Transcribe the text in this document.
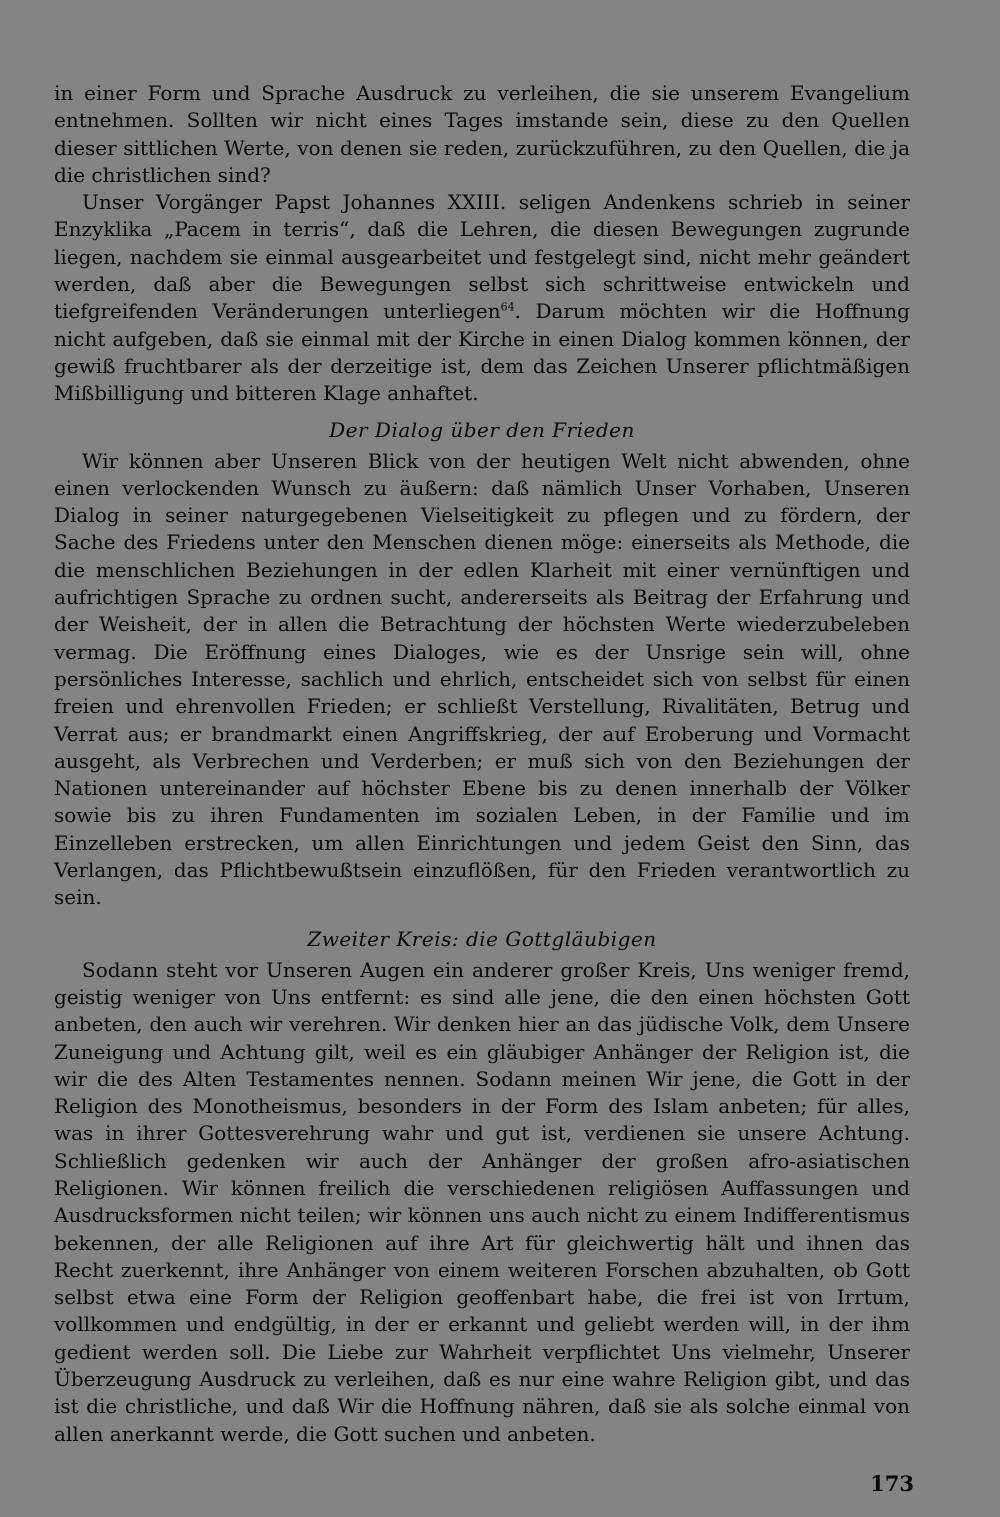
in einer Form und Sprache Ausdruck zu verleihen, die sie unserem Evangelium entnehmen. Sollten wir nicht eines Tages imstande sein, diese zu den Quellen dieser sittlichen Werte, von denen sie reden, zurückzuführen, zu den Quellen, die ja die christlichen sind?

Unser Vorgänger Papst Johannes XXIII. seligen Andenkens schrieb in seiner Enzyklika „Pacem in terris“, daß die Lehren, die diesen Bewegungen zugrunde liegen, nachdem sie einmal ausgearbeitet und festgelegt sind, nicht mehr geändert werden, daß aber die Bewegungen selbst sich schrittweise entwickeln und tiefgreifenden Veränderungen unterliegen$^{64}$. Darum möchten wir die Hoffnung nicht aufgeben, daß sie einmal mit der Kirche in einen Dialog kommen können, der gewiß fruchtbarer als der derzeitige ist, dem das Zeichen Unserer pflichtmäßigen Mißbilligung und bitteren Klage anhaftet.

Der Dialog über den Frieden

Wir können aber Unseren Blick von der heutigen Welt nicht abwenden, ohne einen verlockenden Wunsch zu äußern: daß nämlich Unser Vorhaben, Unseren Dialog in seiner naturgegebenen Vielseitigkeit zu pflegen und zu fördern, der Sache des Friedens unter den Menschen dienen möge: einerseits als Methode, die die menschlichen Beziehungen in der edlen Klarheit mit einer vernünftigen und aufrichtigen Sprache zu ordnen sucht, andererseits als Beitrag der Erfahrung und der Weisheit, der in allen die Betrachtung der höchsten Werte wiederzubeleben vermag. Die Eröffnung eines Dialoges, wie es der Unsrige sein will, ohne persönliches Interesse, sachlich und ehrlich, entscheidet sich von selbst für einen freien und ehrenvollen Frieden; er schließt Verstellung, Rivalitäten, Betrug und Verrat aus; er brandmarkt einen Angriffskrieg, der auf Eroberung und Vormacht ausgeht, als Verbrechen und Verderben; er muß sich von den Beziehungen der Nationen untereinander auf höchster Ebene bis zu denen innerhalb der Völker sowie bis zu ihren Fundamenten im sozialen Leben, in der Familie und im Einzelleben erstrecken, um allen Einrichtungen und jedem Geist den Sinn, das Verlangen, das Pflichtbewußtsein einzuflößen, für den Frieden verantwortlich zu sein.

Zweiter Kreis: die Gottgläubigen

Sodann steht vor Unseren Augen ein anderer großer Kreis, Uns weniger fremd, geistig weniger von Uns entfernt: es sind alle jene, die den einen höchsten Gott anbeten, den auch wir verehren. Wir denken hier an das jüdische Volk, dem Unsere Zuneigung und Achtung gilt, weil es ein gläubiger Anhänger der Religion ist, die wir die des Alten Testamentes nennen. Sodann meinen Wir jene, die Gott in der Religion des Monotheismus, besonders in der Form des Islam anbeten; für alles, was in ihrer Gottesverehrung wahr und gut ist, verdienen sie unsere Achtung. Schließlich gedenken wir auch der Anhänger der großen afro-asiatischen Religionen. Wir können freilich die verschiedenen religiösen Auffassungen und Ausdrucksformen nicht teilen; wir können uns auch nicht zu einem Indifferentismus bekennen, der alle Religionen auf ihre Art für gleichwertig hält und ihnen das Recht zuerkennt, ihre Anhänger von einem weiteren Forschen abzuhalten, ob Gott selbst etwa eine Form der Religion geoffenbart habe, die frei ist von Irrtum, vollkommen und endgültig, in der er erkannt und geliebt werden will, in der ihm gedient werden soll. Die Liebe zur Wahrheit verpflichtet Uns vielmehr, Unserer Überzeugung Ausdruck zu verleihen, daß es nur eine wahre Religion gibt, und das ist die christliche, und daß Wir die Hoffnung nähren, daß sie als solche einmal von allen anerkannt werde, die Gott suchen und anbeten.

173
